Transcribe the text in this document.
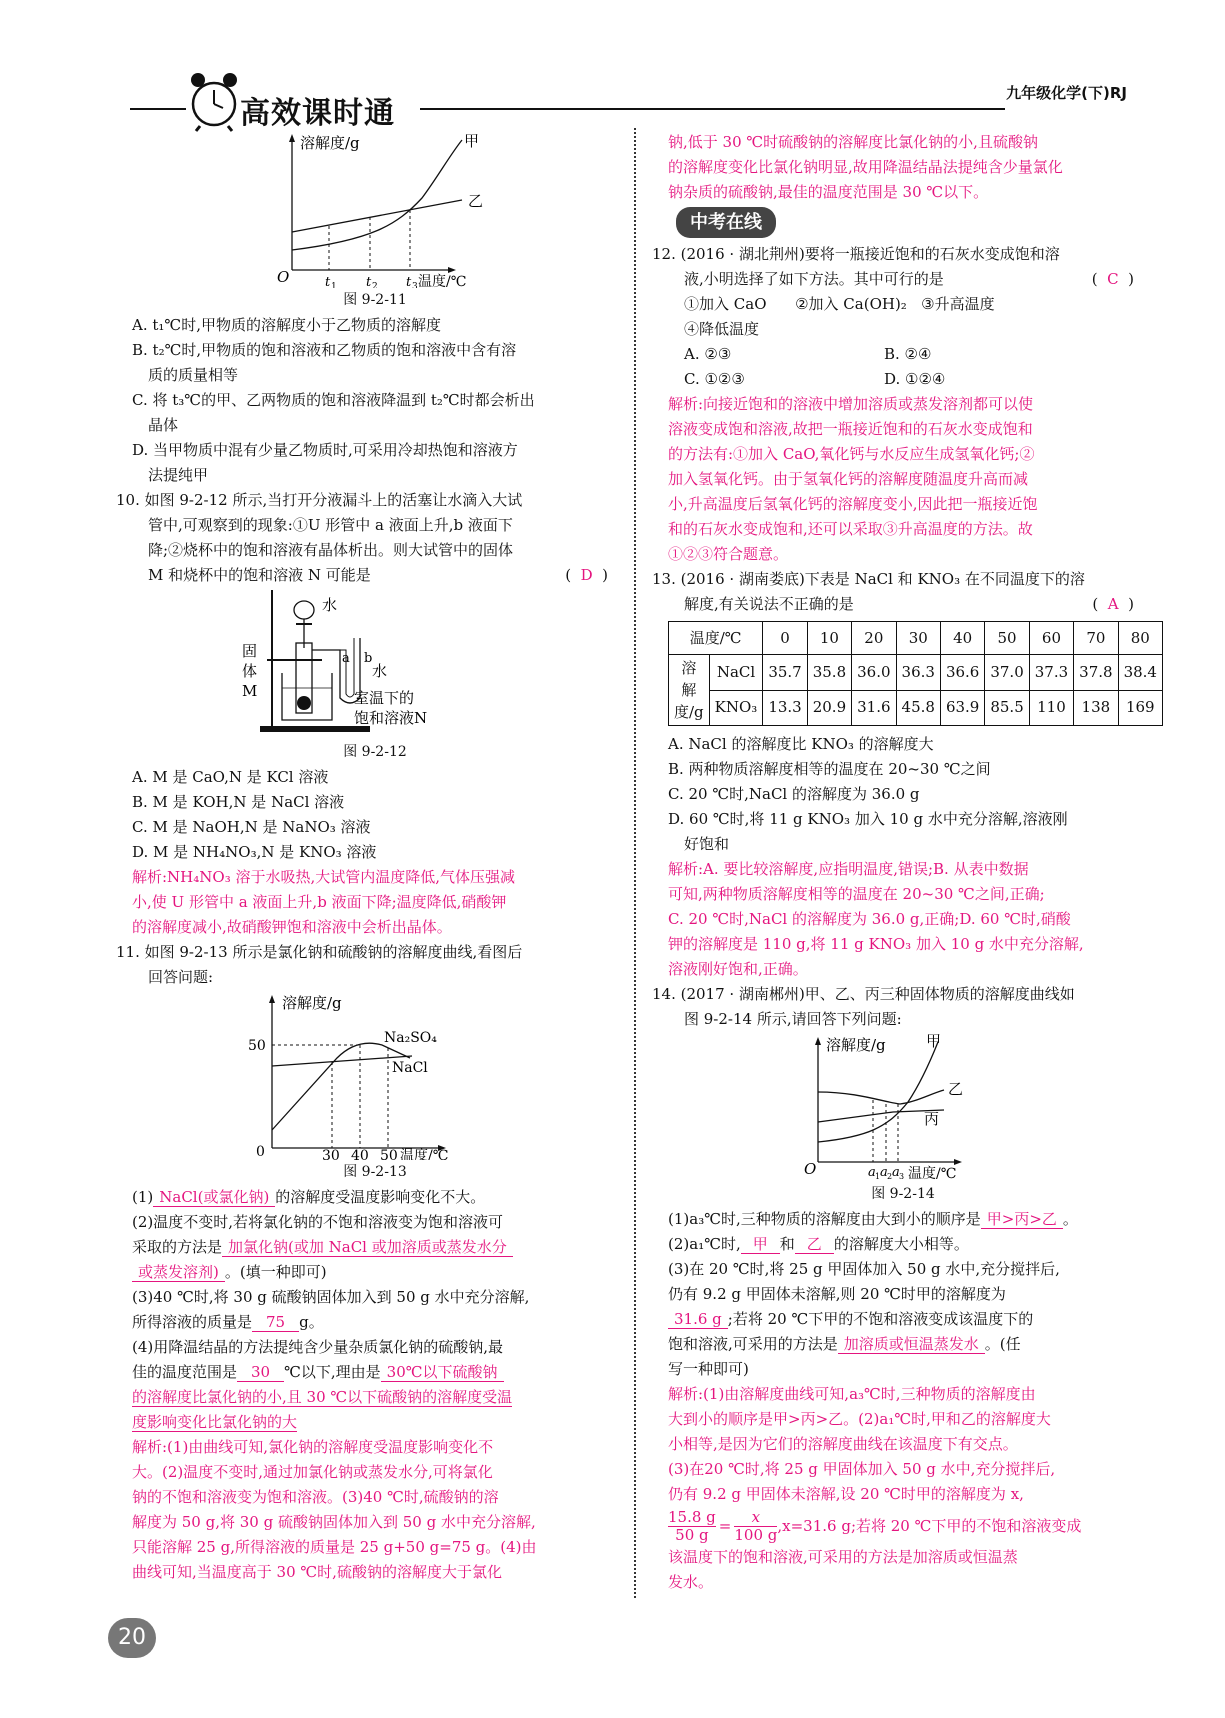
高效课时通
九年级化学(下)RJ
溶解度/g	甲
乙
O	t 1 t 2 t 3 温度/℃

图 9-2-11

A. t₁℃时,甲物质的溶解度小于乙物质的溶解度

B. t₂℃时,甲物质的饱和溶液和乙物质的饱和溶液中含有溶

质的质量相等

C. 将 t₃℃的甲、乙两物质的饱和溶液降温到 t₂℃时都会析出

晶体

D. 当甲物质中混有少量乙物质时,可采用冷却热饱和溶液方

法提纯甲

10. 如图 9-2-12 所示,当打开分液漏斗上的活塞让水滴入大试

管中,可观察到的现象:①U 形管中 a 液面上升,b 液面下

降;②烧杯中的饱和溶液有晶体析出。则大试管中的固体

M 和烧杯中的饱和溶液 N 可能是	(  D  )

水
固
体
M
a b
水
室温下的
饱和溶液N

图 9-2-12

A. M 是 CaO,N 是 KCl 溶液

B. M 是 KOH,N 是 NaCl 溶液

C. M 是 NaOH,N 是 NaNO₃ 溶液

D. M 是 NH₄NO₃,N 是 KNO₃ 溶液

解析:NH₄NO₃ 溶于水吸热,大试管内温度降低,气体压强减

小,使 U 形管中 a 液面上升,b 液面下降;温度降低,硝酸钾

的溶解度减小,故硝酸钾饱和溶液中会析出晶体。

11. 如图 9-2-13 所示是氯化钠和硫酸钠的溶解度曲线,看图后

回答问题:

溶解度/g
50
0	30 40 50 温度/℃
Na₂SO₄
NaCl

图 9-2-13

(1) NaCl(或氯化钠) 的溶解度受温度影响变化不大。

(2)温度不变时,若将氯化钠的不饱和溶液变为饱和溶液可

采取的方法是 加氯化钠(或加 NaCl 或加溶质或蒸发水分

或蒸发溶剂) 。(填一种即可)

(3)40 ℃时,将 30 g 硫酸钠固体加入到 50 g 水中充分溶解,

所得溶液的质量是 75 g。

(4)用降温结晶的方法提纯含少量杂质氯化钠的硫酸钠,最

佳的温度范围是 30 ℃以下,理由是 30℃以下硫酸钠

的溶解度比氯化钠的小,且 30 ℃以下硫酸钠的溶解度受温

度影响变化比氯化钠的大

解析:(1)由曲线可知,氯化钠的溶解度受温度影响变化不

大。(2)温度不变时,通过加氯化钠或蒸发水分,可将氯化

钠的不饱和溶液变为饱和溶液。(3)40 ℃时,硫酸钠的溶

解度为 50 g,将 30 g 硫酸钠固体加入到 50 g 水中充分溶解,

只能溶解 25 g,所得溶液的质量是 25 g+50 g=75 g。(4)由

曲线可知,当温度高于 30 ℃时,硫酸钠的溶解度大于氯化

钠,低于 30 ℃时硫酸钠的溶解度比氯化钠的小,且硫酸钠

的溶解度变化比氯化钠明显,故用降温结晶法提纯含少量氯化

钠杂质的硫酸钠,最佳的温度范围是 30 ℃以下。

中考在线

12. (2016 · 湖北荆州)要将一瓶接近饱和的石灰水变成饱和溶

液,小明选择了如下方法。其中可行的是	(  C  )

①加入 CaO      ②加入 Ca(OH)₂   ③升高温度

④降低温度

A. ②③	B. ②④

C. ①②③	D. ①②④

解析:向接近饱和的溶液中增加溶质或蒸发溶剂都可以使

溶液变成饱和溶液,故把一瓶接近饱和的石灰水变成饱和

的方法有:①加入 CaO,氧化钙与水反应生成氢氧化钙;②

加入氢氧化钙。由于氢氧化钙的溶解度随温度升高而减

小,升高温度后氢氧化钙的溶解度变小,因此把一瓶接近饱

和的石灰水变成饱和,还可以采取③升高温度的方法。故

①②③符合题意。

13. (2016 · 湖南娄底)下表是 NaCl 和 KNO₃ 在不同温度下的溶

解度,有关说法不正确的是	(  A  )

温度/℃		0	10	20	30	40	50	60	70	80
溶解
度/g	NaCl	35.7	35.8	36.0	36.3	36.6	37.0	37.3	37.8	38.4
	KNO₃	13.3	20.9	31.6	45.8	63.9	85.5	110	138	169

A. NaCl 的溶解度比 KNO₃ 的溶解度大

B. 两种物质溶解度相等的温度在 20~30 ℃之间

C. 20 ℃时,NaCl 的溶解度为 36.0 g

D. 60 ℃时,将 11 g KNO₃ 加入 10 g 水中充分溶解,溶液刚

好饱和

解析:A. 要比较溶解度,应指明温度,错误;B. 从表中数据

可知,两种物质溶解度相等的温度在 20~30 ℃之间,正确;

C. 20 ℃时,NaCl 的溶解度为 36.0 g,正确;D. 60 ℃时,硝酸

钾的溶解度是 110 g,将 11 g KNO₃ 加入 10 g 水中充分溶解,

溶液刚好饱和,正确。

14. (2017 · 湖南郴州)甲、乙、丙三种固体物质的溶解度曲线如

图 9-2-14 所示,请回答下列问题:

溶解度/g	甲
乙
丙
O	a 1 a 2 a 3 温度/℃

图 9-2-14

(1)a₃℃时,三种物质的溶解度由大到小的顺序是 甲>丙>乙 。

(2)a₁℃时, 甲 和 乙 的溶解度大小相等。

(3)在 20 ℃时,将 25 g 甲固体加入 50 g 水中,充分搅拌后,

仍有 9.2 g 甲固体未溶解,则 20 ℃时甲的溶解度为

31.6 g ;若将 20 ℃下甲的不饱和溶液变成该温度下的

饱和溶液,可采用的方法是 加溶质或恒温蒸发水 。(任

写一种即可)

解析:(1)由溶解度曲线可知,a₃℃时,三种物质的溶解度由

大到小的顺序是甲>丙>乙。(2)a₁℃时,甲和乙的溶解度大

小相等,是因为它们的溶解度曲线在该温度下有交点。

(3)在20 ℃时,将 25 g 甲固体加入 50 g 水中,充分搅拌后,

仍有 9.2 g 甲固体未溶解,设 20 ℃时甲的溶解度为 x,

$\frac{15.8 g}{50 g} = \frac{x}{100 g} ,x=31.6$ g;若将 20 ℃下甲的不饱和溶液变成

该温度下的饱和溶液,可采用的方法是加溶质或恒温蒸

发水。

20
